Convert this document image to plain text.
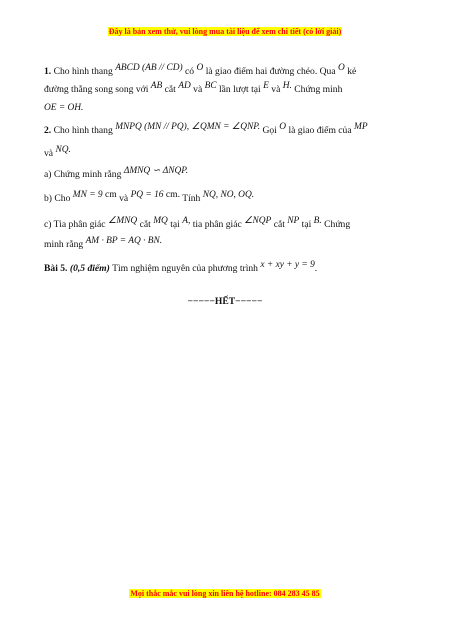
Đây là bản xem thử, vui lòng mua tài liệu để xem chi tiết (có lời giải)
1. Cho hình thang ABCD (AB // CD) có O là giao điểm hai đường chéo. Qua O kẻ
đường thẳng song song với AB cắt AD và BC lần lượt tại E và H. Chứng minh
OE = OH.
2. Cho hình thang MNPQ (MN // PQ), ∠QMN = ∠QNP. Gọi O là giao điểm của MP
và NQ.
a) Chứng minh rằng ΔMNQ ∽ ΔNQP.
b) Cho MN = 9 cm và PQ = 16 cm. Tính NQ, NO, OQ.
c) Tia phân giác ∠MNQ cắt MQ tại A, tia phân giác ∠NQP cắt NP tại B. Chứng
minh rằng AM · BP = AQ · BN.
Bài 5. (0,5 điểm) Tìm nghiệm nguyên của phương trình x + xy + y = 9.
−−−−−HẾT−−−−−
Mọi thắc mắc vui lòng xin liên hệ hotline: 084 283 45 85
